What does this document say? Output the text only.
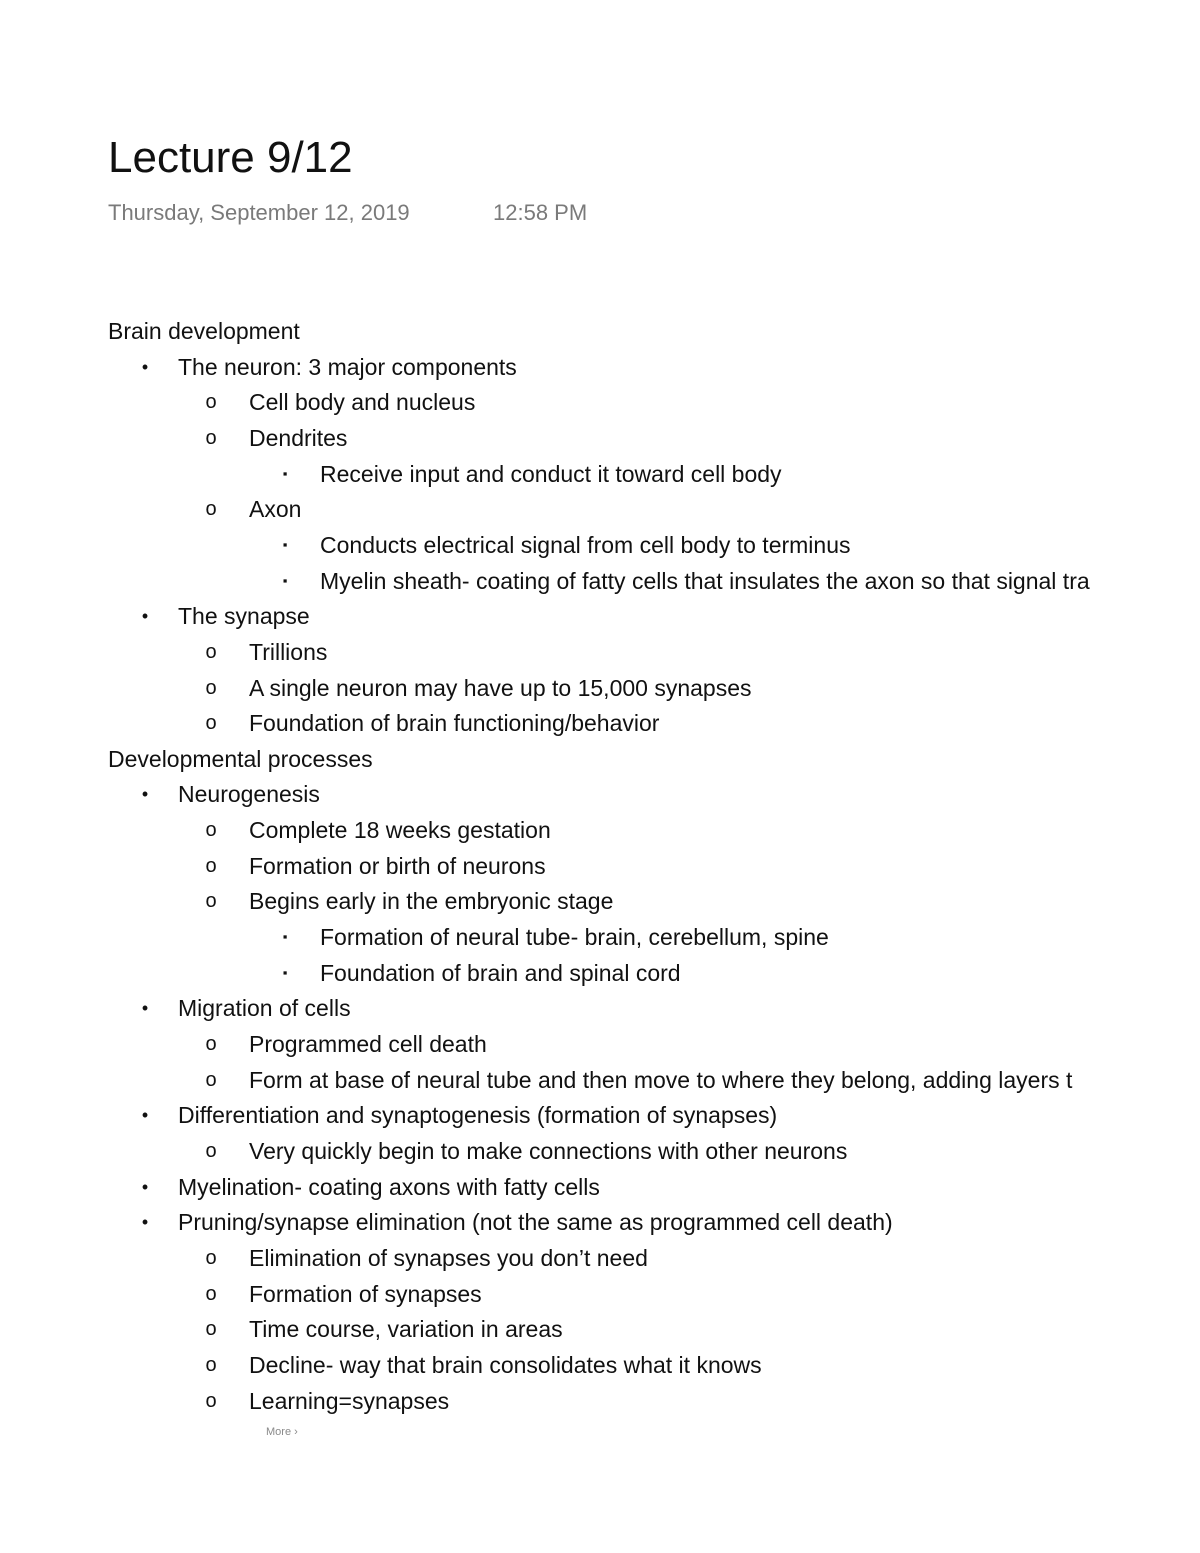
Lecture 9/12
Thursday, September 12, 2019	12:58 PM
Brain development
• The neuron: 3 major components
o Cell body and nucleus
o Dendrites
▪ Receive input and conduct it toward cell body
o Axon
▪ Conducts electrical signal from cell body to terminus
▪ Myelin sheath- coating of fatty cells that insulates the axon so that signal tra
• The synapse
o Trillions
o A single neuron may have up to 15,000 synapses
o Foundation of brain functioning/behavior
Developmental processes
• Neurogenesis
o Complete 18 weeks gestation
o Formation or birth of neurons
o Begins early in the embryonic stage
▪ Formation of neural tube- brain, cerebellum, spine
▪ Foundation of brain and spinal cord
• Migration of cells
o Programmed cell death
o Form at base of neural tube and then move to where they belong, adding layers t
• Differentiation and synaptogenesis (formation of synapses)
o Very quickly begin to make connections with other neurons
• Myelination- coating axons with fatty cells
• Pruning/synapse elimination (not the same as programmed cell death)
o Elimination of synapses you don’t need
o Formation of synapses
o Time course, variation in areas
o Decline- way that brain consolidates what it knows
o Learning=synapses
More ›
